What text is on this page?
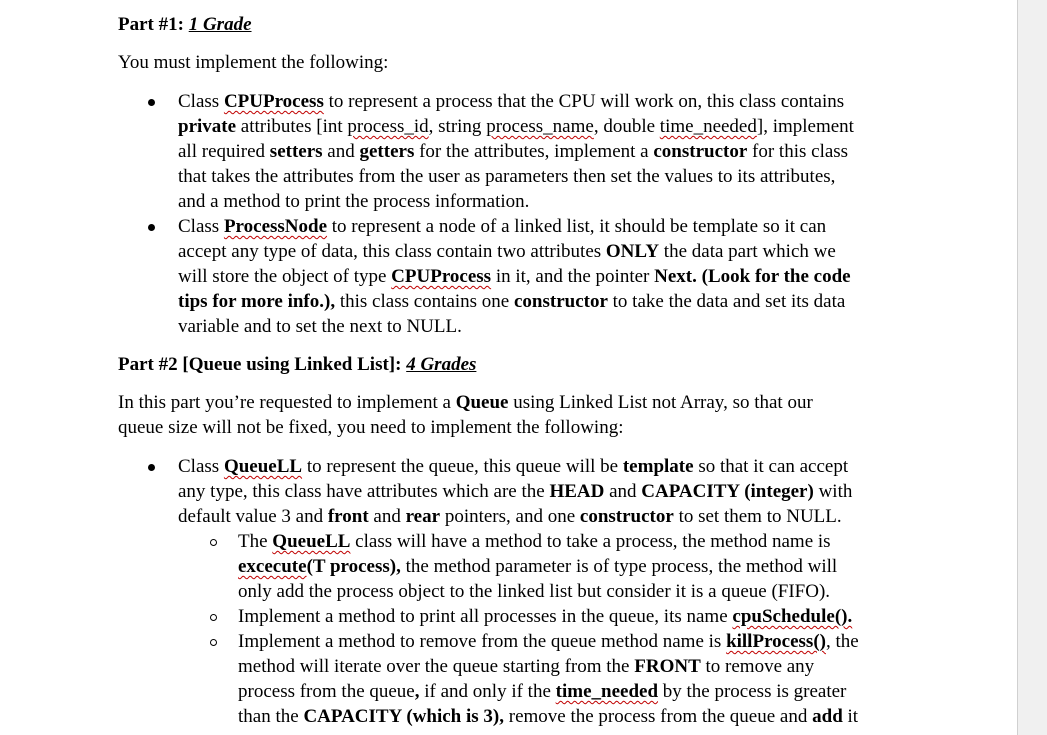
Part #1: 1 Grade
You must implement the following:
Class CPUProcess to represent a process that the CPU will work on, this class contains
private attributes [int process_id, string process_name, double time_needed], implement
all required setters and getters for the attributes, implement a constructor for this class
that takes the attributes from the user as parameters then set the values to its attributes,
and a method to print the process information.
Class ProcessNode to represent a node of a linked list, it should be template so it can
accept any type of data, this class contain two attributes ONLY the data part which we
will store the object of type CPUProcess in it, and the pointer Next. (Look for the code
tips for more info.), this class contains one constructor to take the data and set its data
variable and to set the next to NULL.
Part #2 [Queue using Linked List]: 4 Grades
In this part you’re requested to implement a Queue using Linked List not Array, so that our
queue size will not be fixed, you need to implement the following:
Class QueueLL to represent the queue, this queue will be template so that it can accept
any type, this class have attributes which are the HEAD and CAPACITY (integer) with
default value 3 and front and rear pointers, and one constructor to set them to NULL.
The QueueLL class will have a method to take a process, the method name is
excecute(T process), the method parameter is of type process, the method will
only add the process object to the linked list but consider it is a queue (FIFO).
Implement a method to print all processes in the queue, its name cpuSchedule().
Implement a method to remove from the queue method name is killProcess(), the
method will iterate over the queue starting from the FRONT to remove any
process from the queue, if and only if the time_needed by the process is greater
than the CAPACITY (which is 3), remove the process from the queue and add it
